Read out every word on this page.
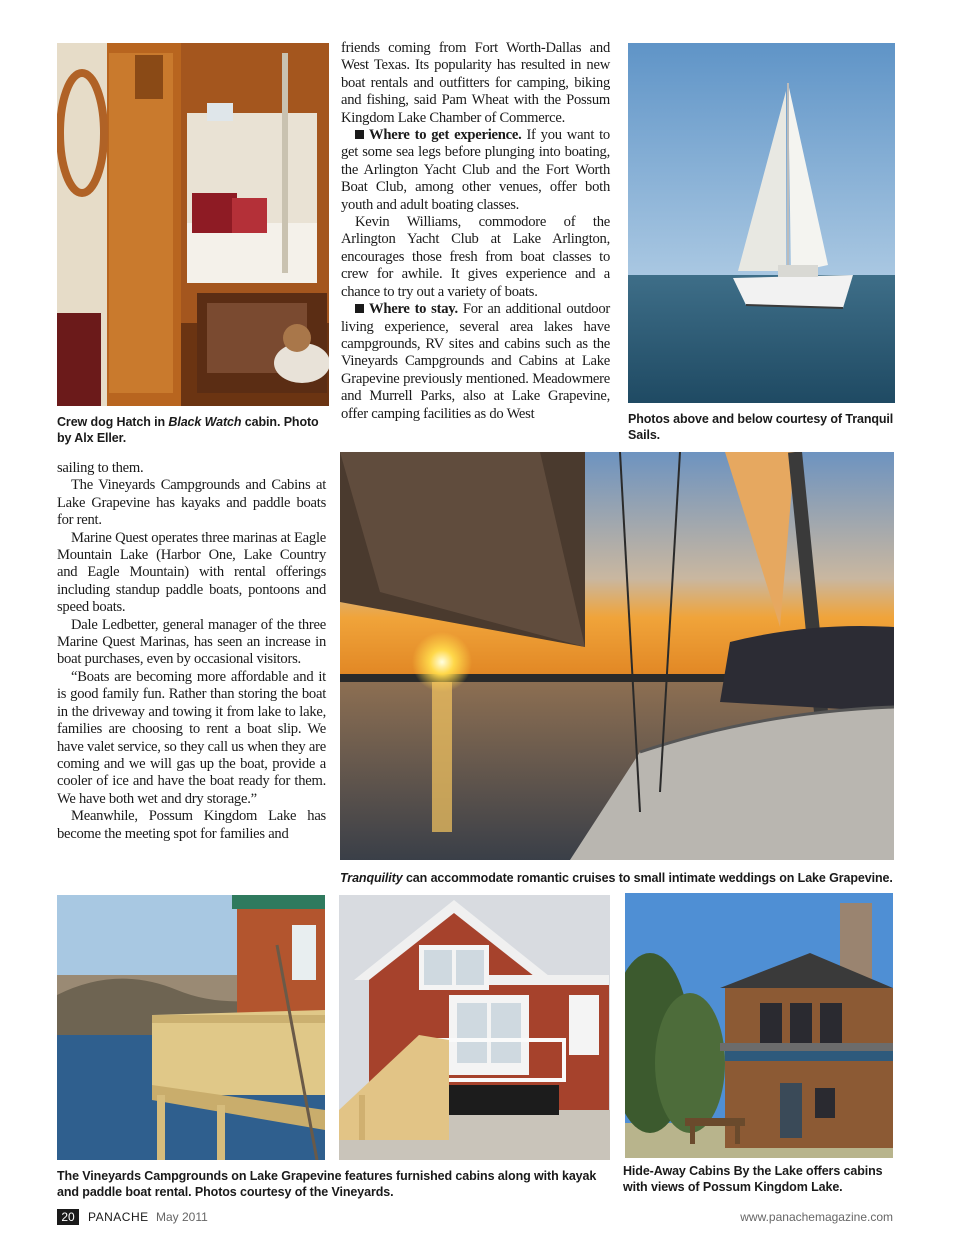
Crew dog Hatch in Black Watch cabin. Photo by Alx Eller.

friends coming from Fort Worth-Dallas and West Texas. Its popularity has resulted in new boat rentals and outfitters for camping, biking and fishing, said Pam Wheat with the Possum Kingdom Lake Chamber of Commerce.

Where to get experience. If you want to get some sea legs before plunging into boating, the Arlington Yacht Club and the Fort Worth Boat Club, among other venues, offer both youth and adult boating classes.

Kevin Williams, commodore of the Arlington Yacht Club at Lake Arlington, encourages those fresh from boat classes to crew for awhile. It gives experience and a chance to try out a variety of boats.

Where to stay. For an additional outdoor living experience, several area lakes have campgrounds, RV sites and cabins such as the Vineyards Campgrounds and Cabins at Lake Grapevine previously mentioned. Meadowmere and Murrell Parks, also at Lake Grapevine, offer camping facilities as do West	Photos above and below courtesy of Tranquil Sails.

sailing to them.

The Vineyards Campgrounds and Cabins at Lake Grapevine has kayaks and paddle boats for rent.

Marine Quest operates three marinas at Eagle Mountain Lake (Harbor One, Lake Country and Eagle Mountain) with rental offerings including standup paddle boats, pontoons and speed boats.

Dale Ledbetter, general manager of the three Marine Quest Marinas, has seen an increase in boat purchases, even by occasional visitors.

“Boats are becoming more affordable and it is good family fun. Rather than storing the boat in the driveway and towing it from lake to lake, families are choosing to rent a boat slip. We have valet service, so they call us when they are coming and we will gas up the boat, provide a cooler of ice and have the boat ready for them. We have both wet and dry storage.”

Meanwhile, Possum Kingdom Lake has become the meeting spot for families and

Tranquility can accommodate romantic cruises to small intimate weddings on Lake Grapevine.
The Vineyards Campgrounds on Lake Grapevine features furnished cabins along with kayak and paddle boat rental. Photos courtesy of the Vineyards.
Hide-Away Cabins By the Lake offers cabins with views of Possum Kingdom Lake.
20	PANACHE May 2011	www.panachemagazine.com
